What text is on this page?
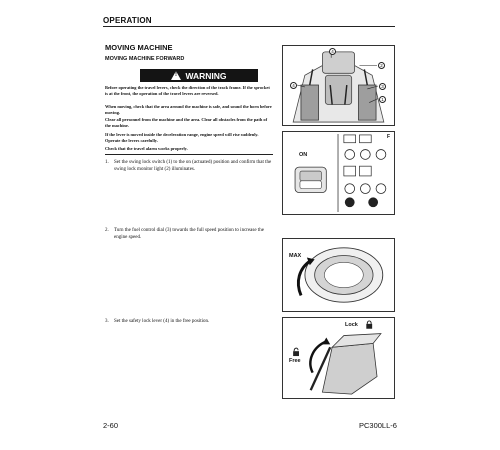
OPERATION
MOVING MACHINE
MOVING MACHINE FORWARD
!
WARNING

Before operating the travel levers, check the direction of the track frame. If the sprocket is at the front, the operation of the travel levers are reversed.

When moving, check that the area around the machine is safe, and sound the horn before moving.

Clear all personnel from the machine and the area. Clear all obstacles from the path of the machine.

If the lever is moved inside the deceleration range, engine speed will rise suddenly. Operate the levers carefully.

Check that the travel alarm works properly.

1.	Set the swing lock switch (1) to the on (actuated) position and confirm that the swing lock monitor light (2) illuminates.
2.	Turn the fuel control dial (3) towards the full speed position to increase the engine speed.
3.	Set the safety lock lever (4) in the free position.
4
2
4	3
1
ON
F
MAX
Lock
Free
2-60	PC300LL-6
